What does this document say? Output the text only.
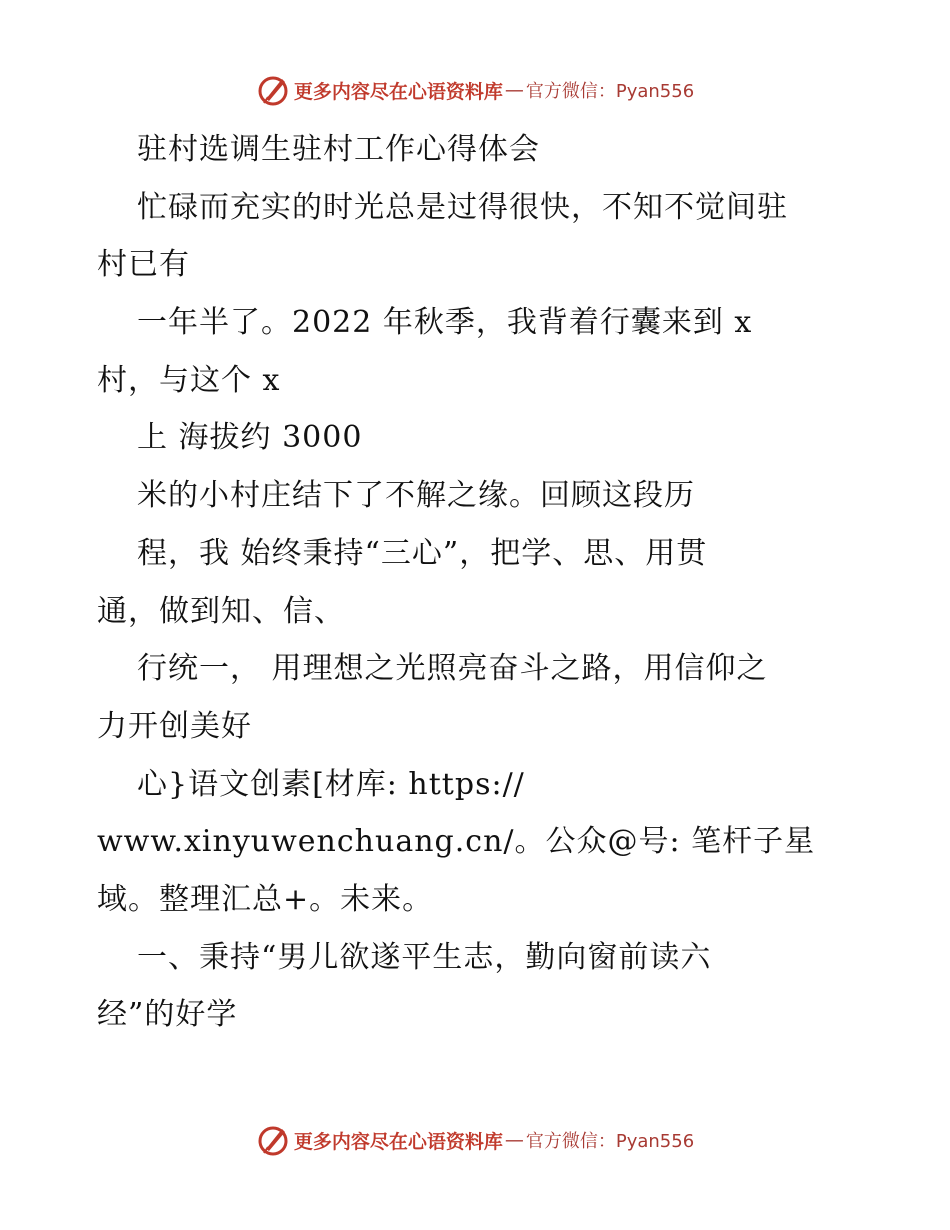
更多内容尽在心语资料库 — 官方微信：Pyan556
驻村选调生驻村工作心得体会
忙碌而充实的时光总是过得很快，不知不觉间驻
村已有
一年半了。2022 年秋季，我背着行囊来到 x
村，与这个 x
上 海拔约 3000
米的小村庄结下了不解之缘。回顾这段历
程，我 始终秉持“三心”，把学、思、用贯
通，做到知、信、
行统一， 用理想之光照亮奋斗之路，用信仰之
力开创美好
心}语文创素[材库: https://
www.xinyuwenchuang.cn/。公众@号: 笔杆子星
域。整理汇总+。未来。
一、秉持“男儿欲遂平生志，勤向窗前读六
经”的好学
更多内容尽在心语资料库 — 官方微信：Pyan556
